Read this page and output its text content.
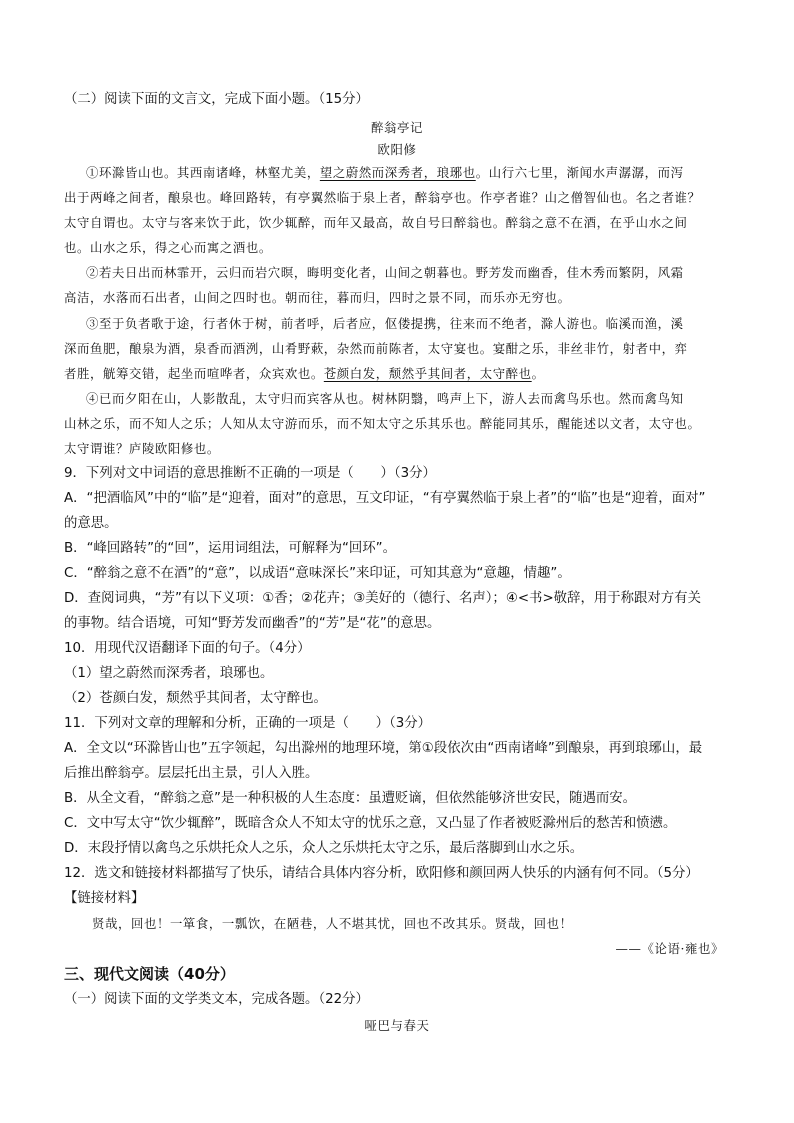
（二）阅读下面的文言文，完成下面小题。（15分）
醉翁亭记
欧阳修
①环滁皆山也。其西南诸峰，林壑尤美，望之蔚然而深秀者，琅琊也。山行六七里，渐闻水声潺潺，而泻
出于两峰之间者，酿泉也。峰回路转，有亭翼然临于泉上者，醉翁亭也。作亭者谁？山之僧智仙也。名之者谁？
太守自谓也。太守与客来饮于此，饮少辄醉，而年又最高，故自号曰醉翁也。醉翁之意不在酒，在乎山水之间
也。山水之乐，得之心而寓之酒也。
②若夫日出而林霏开，云归而岩穴暝，晦明变化者，山间之朝暮也。野芳发而幽香，佳木秀而繁阴，风霜
高洁，水落而石出者，山间之四时也。朝而往，暮而归，四时之景不同，而乐亦无穷也。
③至于负者歌于途，行者休于树，前者呼，后者应，伛偻提携，往来而不绝者，滁人游也。临溪而渔，溪
深而鱼肥，酿泉为酒，泉香而酒洌，山肴野蔌，杂然而前陈者，太守宴也。宴酣之乐，非丝非竹，射者中，弈
者胜，觥筹交错，起坐而喧哗者，众宾欢也。苍颜白发，颓然乎其间者，太守醉也。
④已而夕阳在山，人影散乱，太守归而宾客从也。树林阴翳，鸣声上下，游人去而禽鸟乐也。然而禽鸟知
山林之乐，而不知人之乐；人知从太守游而乐，而不知太守之乐其乐也。醉能同其乐，醒能述以文者，太守也。
太守谓谁？庐陵欧阳修也。
9．下列对文中词语的意思推断不正确的一项是（　　）（3分）
A．“把酒临风”中的“临”是“迎着，面对”的意思，互文印证，“有亭翼然临于泉上者”的“临”也是“迎着，面对”
的意思。
B．“峰回路转”的“回”，运用词组法，可解释为“回环”。
C．“醉翁之意不在酒”的“意”，以成语“意味深长”来印证，可知其意为“意趣，情趣”。
D．查阅词典，“芳”有以下义项：①香；②花卉；③美好的（德行、名声）；④<书>敬辞，用于称跟对方有关
的事物。结合语境，可知“野芳发而幽香”的“芳”是“花”的意思。
10．用现代汉语翻译下面的句子。（4分）
（1）望之蔚然而深秀者，琅琊也。
（2）苍颜白发，颓然乎其间者，太守醉也。
11．下列对文章的理解和分析，正确的一项是（　　）（3分）
A．全文以“环滁皆山也”五字领起，勾出滁州的地理环境，第①段依次由“西南诸峰”到酿泉，再到琅琊山，最
后推出醉翁亭。层层托出主景，引人入胜。
B．从全文看，“醉翁之意”是一种积极的人生态度：虽遭贬谪，但依然能够济世安民，随遇而安。
C．文中写太守“饮少辄醉”，既暗含众人不知太守的忧乐之意，又凸显了作者被贬滁州后的愁苦和愤懑。
D．末段抒情以禽鸟之乐烘托众人之乐，众人之乐烘托太守之乐，最后落脚到山水之乐。
12．选文和链接材料都描写了快乐，请结合具体内容分析，欧阳修和颜回两人快乐的内涵有何不同。（5分）
【链接材料】
贤哉，回也！一箪食，一瓢饮，在陋巷，人不堪其忧，回也不改其乐。贤哉，回也！
——《论语·雍也》
三、现代文阅读（40分）
（一）阅读下面的文学类文本，完成各题。（22分）
哑巴与春天
